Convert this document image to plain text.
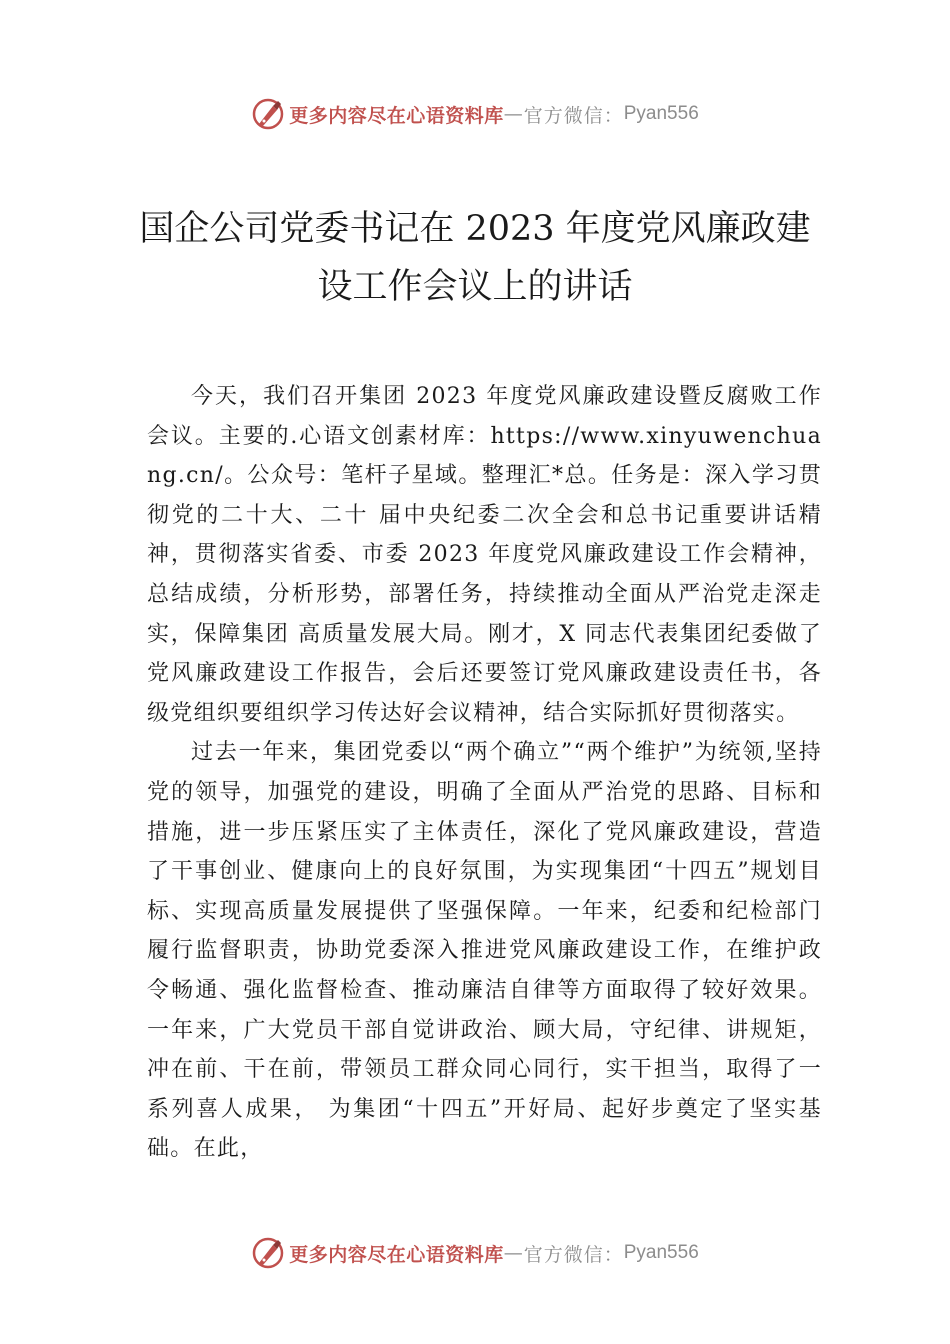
更多内容尽在心语资料库 — 官方微信： Pyan556
国企公司党委书记在 2023 年度党风廉政建
设工作会议上的讲话

今天，我们召开集团 2023 年度党风廉政建设暨反腐败工作会议。主要的.心语文创素材库：https://www.xinyuwenchuang.cn/。公众号：笔杆子星域。整理汇*总。任务是：深入学习贯彻党的二十大、二十 届中央纪委二次全会和总书记重要讲话精神，贯彻落实省委、市委 2023 年度党风廉政建设工作会精神，总结成绩，分析形势，部署任务，持续推动全面从严治党走深走实，保障集团 高质量发展大局。刚才，X 同志代表集团纪委做了党风廉政建设工作报告，会后还要签订党风廉政建设责任书，各级党组织要组织学习传达好会议精神，结合实际抓好贯彻落实。

过去一年来，集团党委以“两个确立”“两个维护”为统领,坚持党的领导，加强党的建设，明确了全面从严治党的思路、目标和措施，进一步压紧压实了主体责任，深化了党风廉政建设，营造了干事创业、健康向上的良好氛围，为实现集团“十四五”规划目标、实现高质量发展提供了坚强保障。一年来，纪委和纪检部门履行监督职责，协助党委深入推进党风廉政建设工作，在维护政令畅通、强化监督检查、推动廉洁自律等方面取得了较好效果。一年来，广大党员干部自觉讲政治、顾大局，守纪律、讲规矩，冲在前、干在前，带领员工群众同心同行，实干担当，取得了一系列喜人成果， 为集团“十四五”开好局、起好步奠定了坚实基础。在此，

更多内容尽在心语资料库 — 官方微信： Pyan556
